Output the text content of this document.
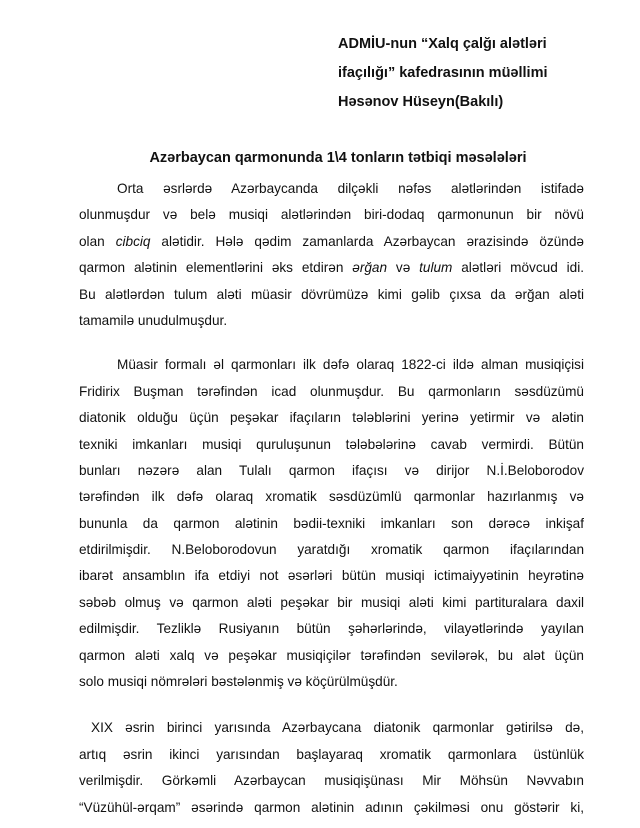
ADMİU-nun “Xalq çalğı alətləri
ifaçılığı” kafedrasının müəllimi
Həsənov Hüseyn(Bakılı)
Azərbaycan qarmonunda 1\4 tonların tətbiqi məsələləri
Orta əsrlərdə Azərbaycanda dilçəkli nəfəs alətlərindən istifadə
olunmuşdur və belə musiqi alətlərindən biri-dodaq qarmonunun bir növü
olan cibciq alətidir. Hələ qədim zamanlarda Azərbaycan ərazisində özündə
qarmon alətinin elementlərini əks etdirən ərğan və tulum alətləri mövcud idi.
Bu alətlərdən tulum aləti müasir dövrümüzə kimi gəlib çıxsa da ərğan aləti
tamamilə unudulmuşdur.
Müasir formalı əl qarmonları ilk dəfə olaraq 1822-ci ildə alman musiqiçisi
Fridirix Buşman tərəfindən icad olunmuşdur. Bu qarmonların səsdüzümü
diatonik olduğu üçün peşəkar ifaçıların tələblərini yerinə yetirmir və alətin
texniki imkanları musiqi quruluşunun tələbələrinə cavab vermirdi. Bütün
bunları nəzərə alan Tulalı qarmon ifaçısı və dirijor N.İ.Beloborodov
tərəfindən ilk dəfə olaraq xromatik səsdüzümlü qarmonlar hazırlanmış və
bununla da qarmon alətinin bədii-texniki imkanları son dərəcə inkişaf
etdirilmişdir. N.Beloborodovun yaratdığı xromatik qarmon ifaçılarından
ibarət ansamblın ifa etdiyi not əsərləri bütün musiqi ictimaiyyətinin heyrətinə
səbəb olmuş və qarmon aləti peşəkar bir musiqi aləti kimi partituralara daxil
edilmişdir. Tezliklə Rusiyanın bütün şəhərlərində, vilayətlərində yayılan
qarmon aləti xalq və peşəkar musiqiçilər tərəfindən sevilərək, bu alət üçün
solo musiqi nömrələri bəstələnmiş və köçürülmüşdür.
XIX əsrin birinci yarısında Azərbaycana diatonik qarmonlar gətirilsə də,
artıq əsrin ikinci yarısından başlayaraq xromatik qarmonlara üstünlük
verilmişdir. Görkəmli Azərbaycan musiqişünası Mir Möhsün Nəvvabın
“Vüzühül-ərqam” əsərində qarmon alətinin adının çəkilməsi onu göstərir ki,
